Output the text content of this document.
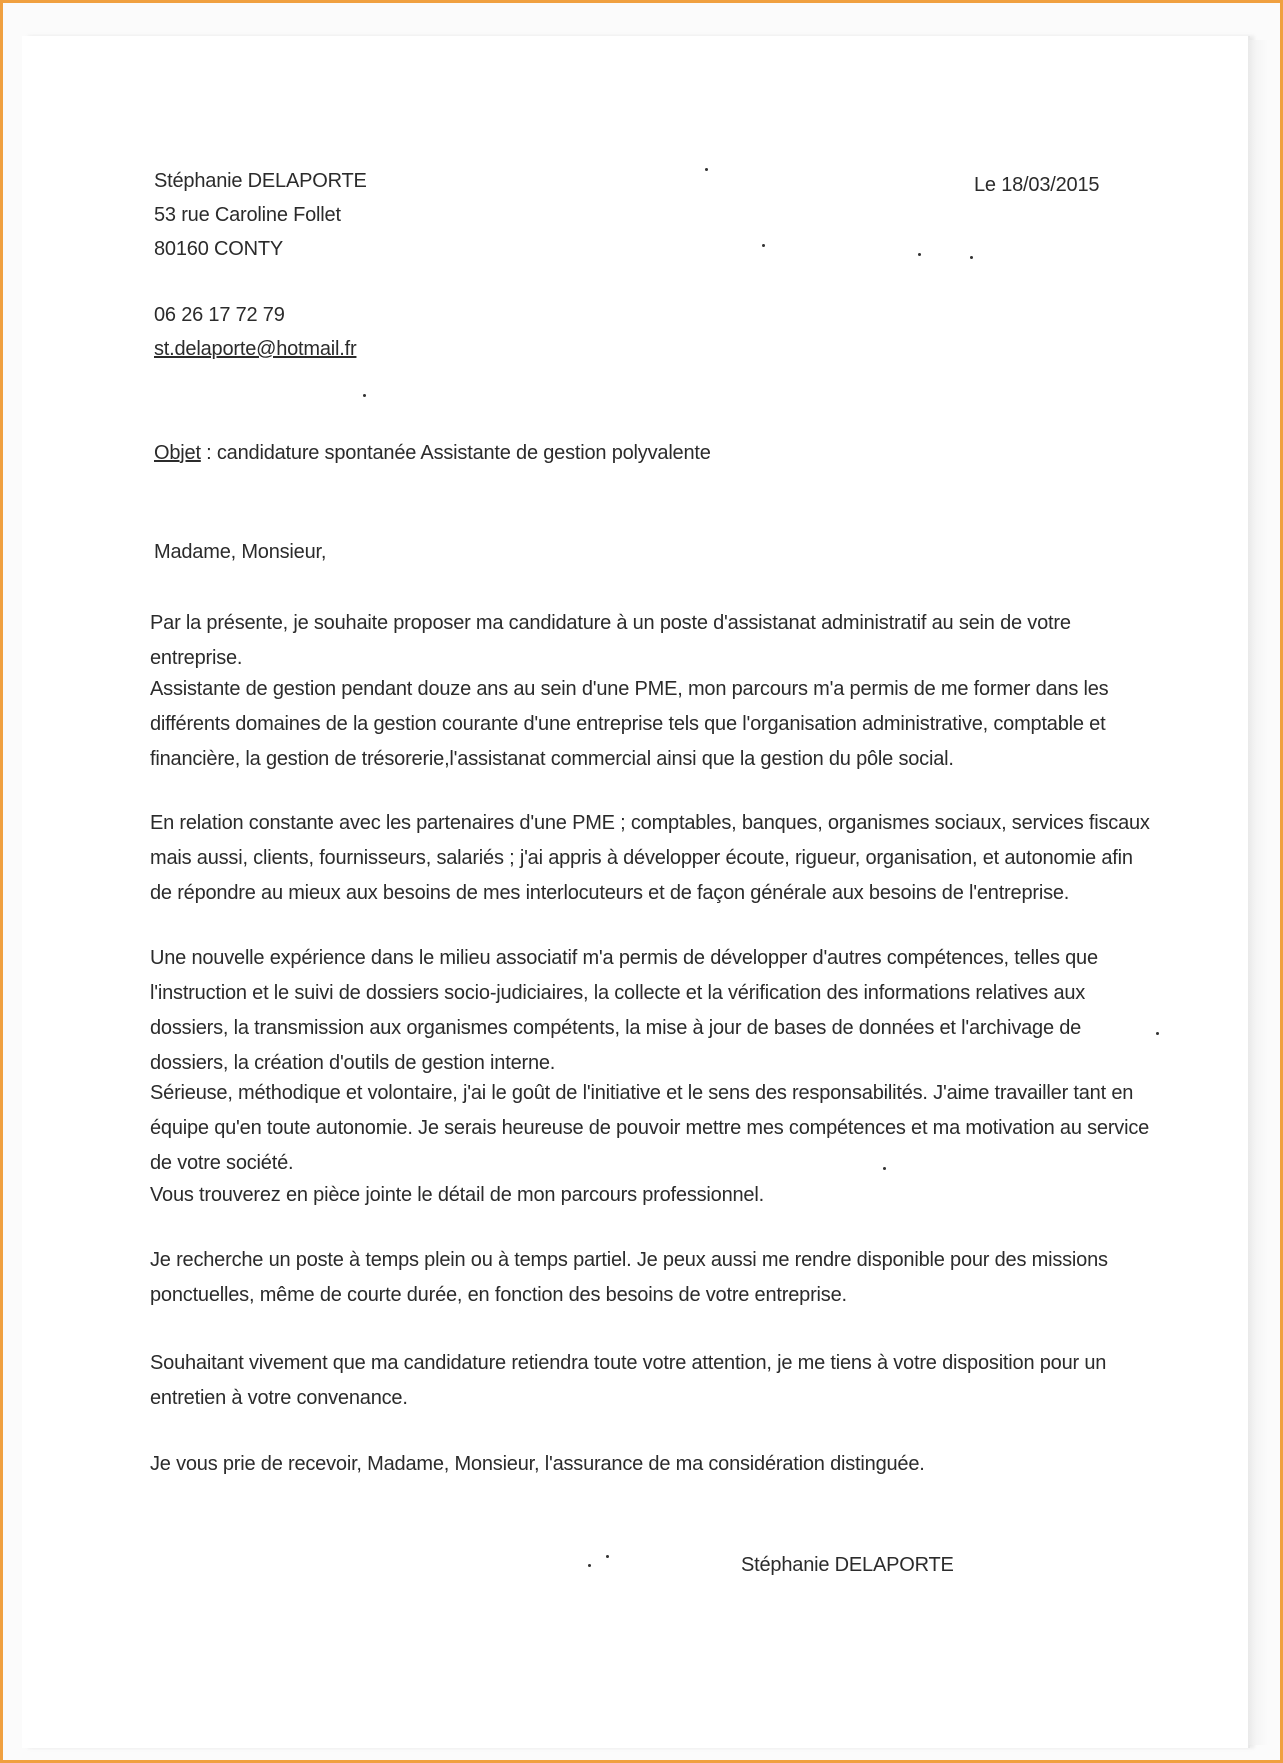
Stéphanie DELAPORTE
53 rue Caroline Follet
80160 CONTY
06 26 17 72 79
st.delaporte@hotmail.fr
Le 18/03/2015
Objet : candidature spontanée Assistante de gestion polyvalente
Madame, Monsieur,

Par la présente, je souhaite proposer ma candidature à un poste d'assistanat administratif au sein de votre entreprise.

Assistante de gestion pendant douze ans au sein d'une PME, mon parcours m'a permis de me former dans les différents domaines de la gestion courante d'une entreprise tels que l'organisation administrative, comptable et financière, la gestion de trésorerie,l'assistanat commercial ainsi que la gestion du pôle social.

En relation constante avec les partenaires d'une PME ; comptables, banques, organismes sociaux, services fiscaux mais aussi, clients, fournisseurs, salariés ; j'ai appris à développer écoute, rigueur, organisation, et autonomie afin de répondre au mieux aux besoins de mes interlocuteurs et de façon générale aux besoins de l'entreprise.

Une nouvelle expérience dans le milieu associatif m'a permis de développer d'autres compétences, telles que l'instruction et le suivi de dossiers socio-judiciaires, la collecte et la vérification des informations relatives aux dossiers, la transmission aux organismes compétents, la mise à jour de bases de données et l'archivage de dossiers, la création d'outils de gestion interne.

Sérieuse, méthodique et volontaire, j'ai le goût de l'initiative et le sens des responsabilités. J'aime travailler tant en équipe qu'en toute autonomie. Je serais heureuse de pouvoir mettre mes compétences et ma motivation au service de votre société.

Vous trouverez en pièce jointe le détail de mon parcours professionnel.

Je recherche un poste à temps plein ou à temps partiel. Je peux aussi me rendre disponible pour des missions ponctuelles, même de courte durée, en fonction des besoins de votre entreprise.

Souhaitant vivement que ma candidature retiendra toute votre attention, je me tiens à votre disposition pour un entretien à votre convenance.

Je vous prie de recevoir, Madame, Monsieur, l'assurance de ma considération distinguée.

Stéphanie DELAPORTE
